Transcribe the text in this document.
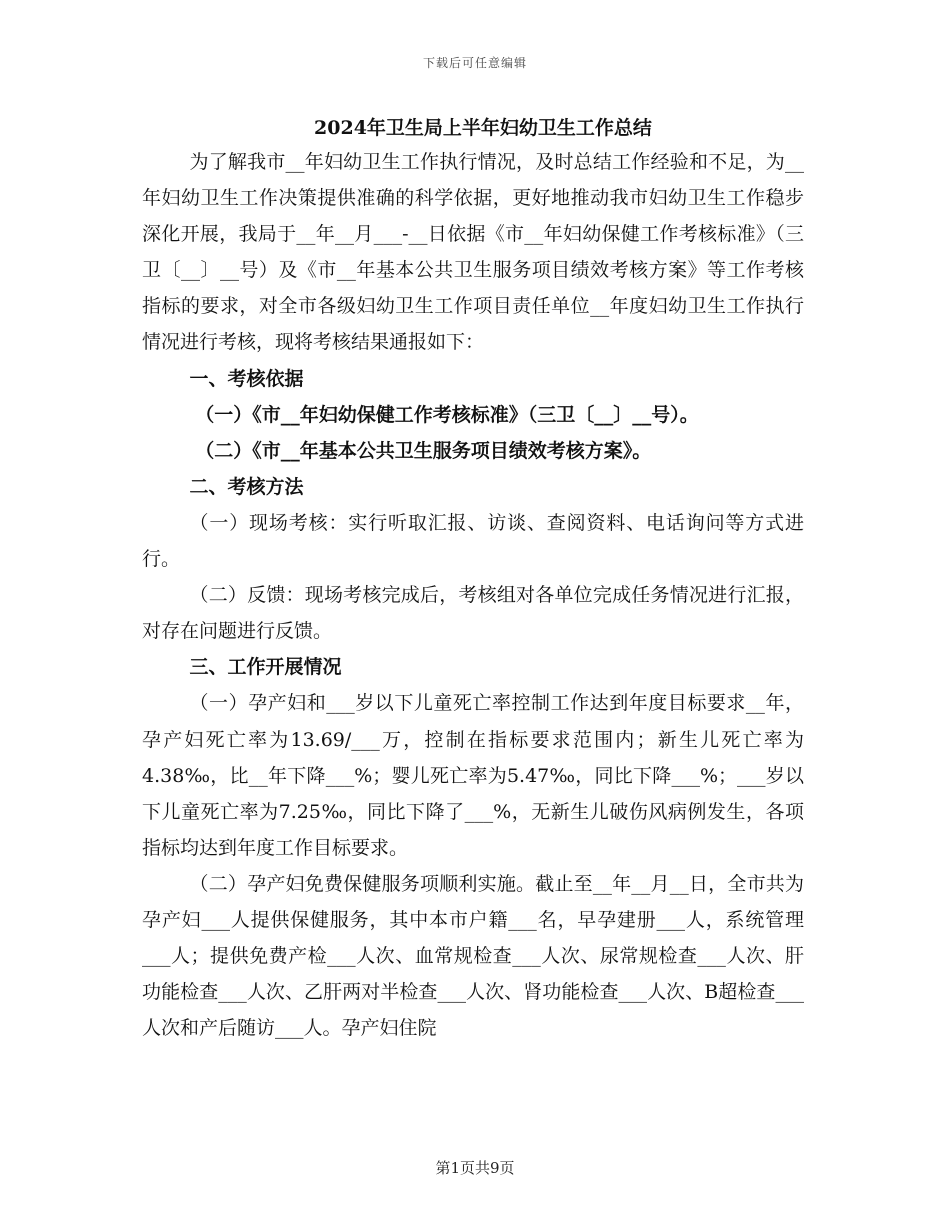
下载后可任意编辑
2024年卫生局上半年妇幼卫生工作总结

为了解我市__年妇幼卫生工作执行情况，及时总结工作经验和不足，为__年妇幼卫生工作决策提供准确的科学依据，更好地推动我市妇幼卫生工作稳步深化开展，我局于__年__月___-__日依据《市__年妇幼保健工作考核标准》（三卫〔__〕__号）及《市__年基本公共卫生服务项目绩效考核方案》等工作考核指标的要求，对全市各级妇幼卫生工作项目责任单位__年度妇幼卫生工作执行情况进行考核，现将考核结果通报如下：

一、考核依据

（一）《市__年妇幼保健工作考核标准》（三卫〔__〕__号）。

（二）《市__年基本公共卫生服务项目绩效考核方案》。

二、考核方法

（一）现场考核：实行听取汇报、访谈、查阅资料、电话询问等方式进行。

（二）反馈：现场考核完成后，考核组对各单位完成任务情况进行汇报，对存在问题进行反馈。

三、工作开展情况

（一）孕产妇和___岁以下儿童死亡率控制工作达到年度目标要求__年，孕产妇死亡率为13.69/___万，控制在指标要求范围内；新生儿死亡率为4.38‰，比__年下降___%；婴儿死亡率为5.47‰，同比下降___%；___岁以下儿童死亡率为7.25‰，同比下降了___%，无新生儿破伤风病例发生，各项指标均达到年度工作目标要求。

（二）孕产妇免费保健服务项顺利实施。截止至__年__月__日，全市共为孕产妇___人提供保健服务，其中本市户籍___名，早孕建册___人，系统管理___人；提供免费产检___人次、血常规检查___人次、尿常规检查___人次、肝功能检查___人次、乙肝两对半检查___人次、肾功能检查___人次、B超检查___人次和产后随访___人。孕产妇住院

第1页共9页
